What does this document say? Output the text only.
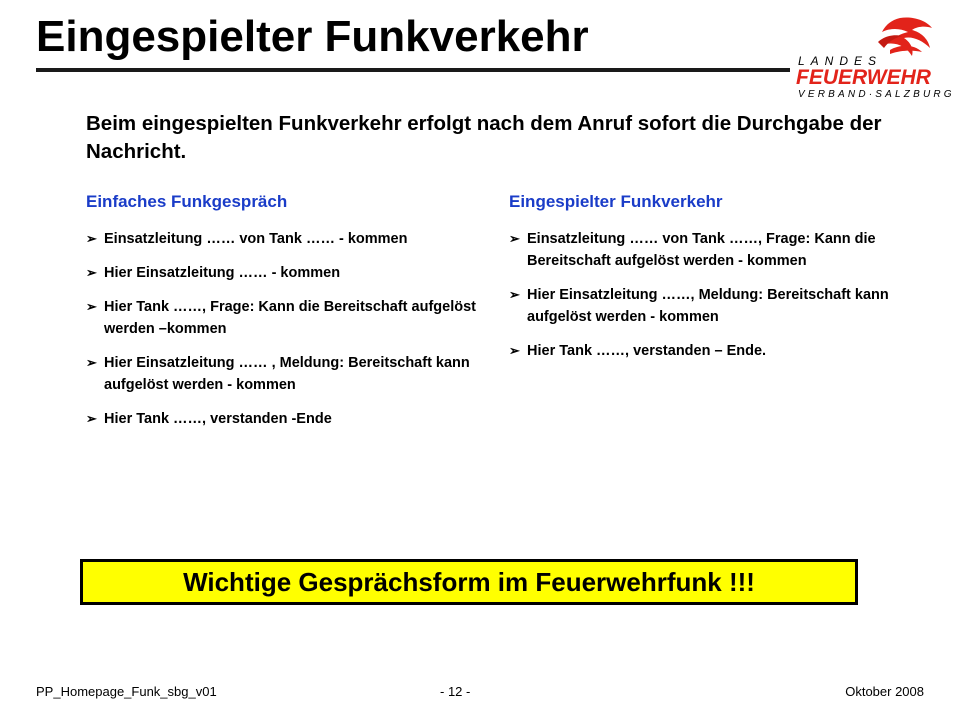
Eingespielter Funkverkehr	LANDES
FEUERWEHR
VERBAND·SALZBURG
Beim eingespielten Funkverkehr erfolgt nach dem Anruf sofort die Durchgabe der Nachricht.
Einfaches Funkgespräch
➢ Einsatzleitung …… von Tank …… - kommen
➢ Hier Einsatzleitung …… - kommen
➢ Hier Tank ……, Frage: Kann die Bereitschaft aufgelöst werden –kommen
➢ Hier Einsatzleitung …… , Meldung: Bereitschaft kann aufgelöst werden - kommen
➢ Hier Tank ……, verstanden -Ende
Eingespielter Funkverkehr
➢ Einsatzleitung …… von Tank ……, Frage: Kann die Bereitschaft aufgelöst werden - kommen
➢ Hier Einsatzleitung ……, Meldung: Bereitschaft kann aufgelöst werden - kommen
➢ Hier Tank ……, verstanden – Ende.
Wichtige Gesprächsform im Feuerwehrfunk !!!
PP_Homepage_Funk_sbg_v01	- 12 -	Oktober 2008
